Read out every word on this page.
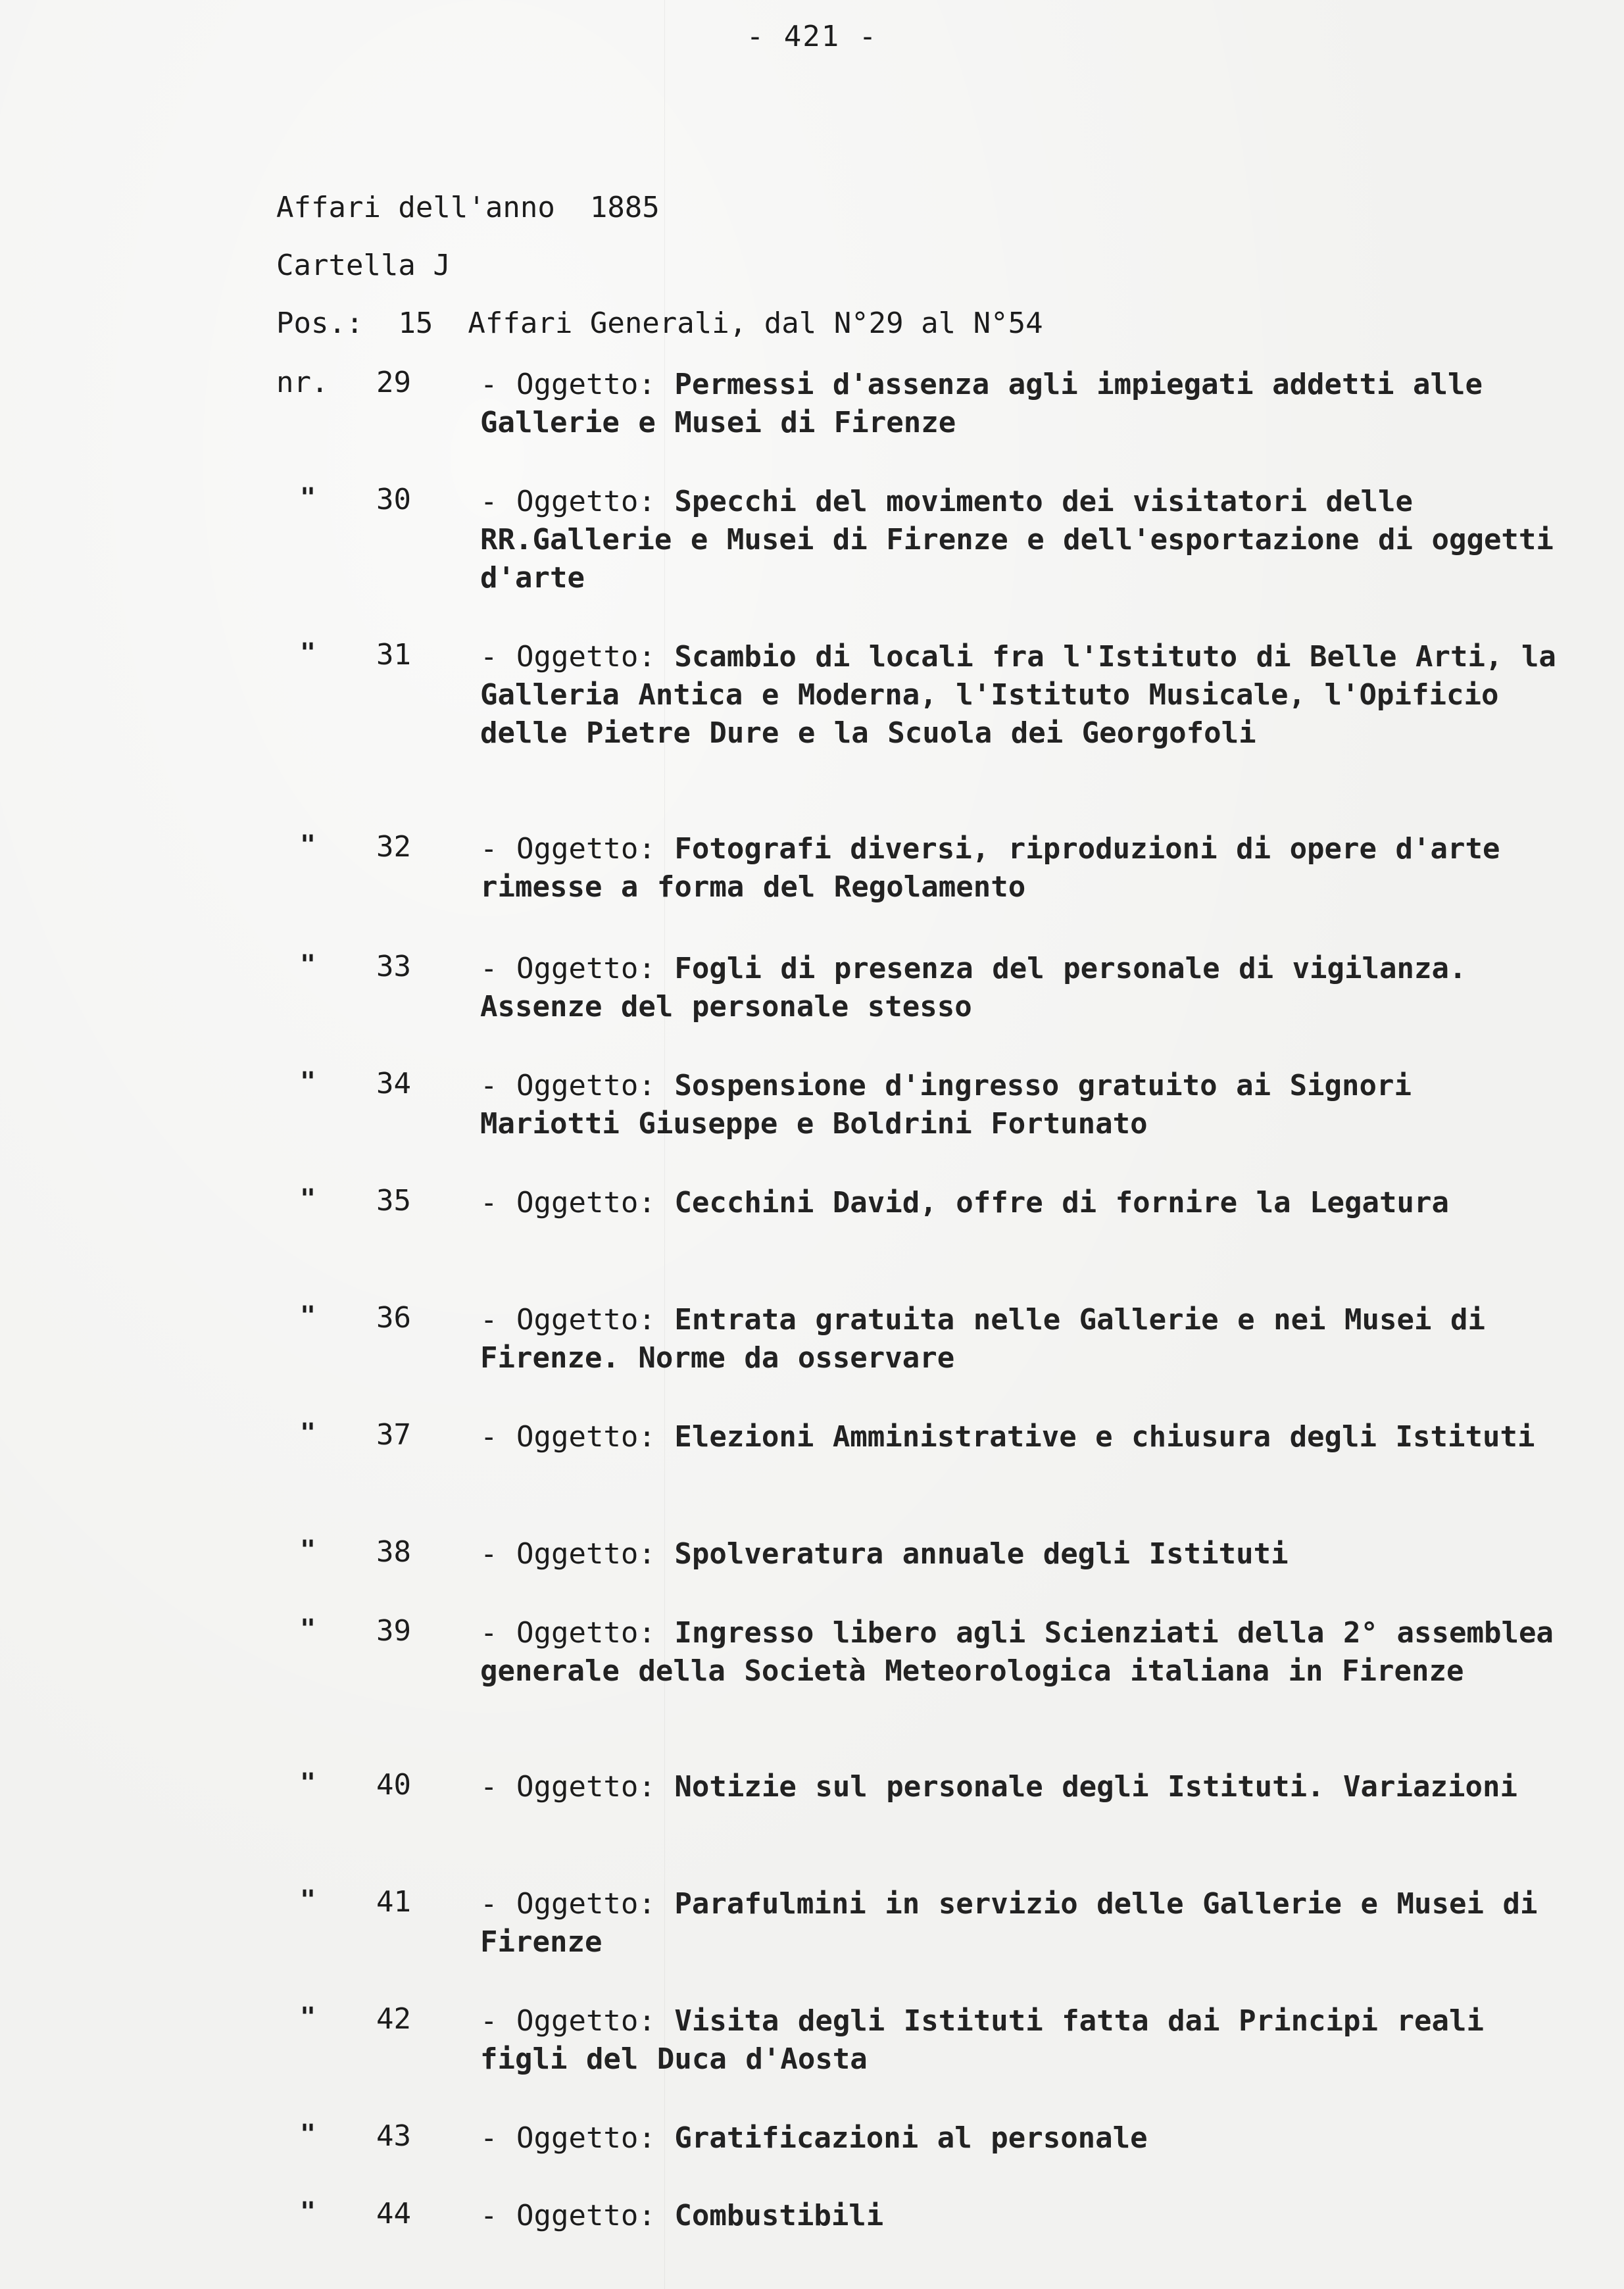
- 421 -
Affari dell'anno 1885
Cartella J
Pos.: 15 Affari Generali, dal N°29 al N°54
nr. 29 - Oggetto: Permessi d'assenza agli impiegati addetti alle Gallerie e Musei di Firenze
" 30 - Oggetto: Specchi del movimento dei visitatori delle RR.Gallerie e Musei di Firenze e dell'esportazione di oggetti d'arte
" 31 - Oggetto: Scambio di locali fra l'Istituto di Belle Arti, la Galleria Antica e Moderna, l'Istituto Musicale, l'Opificio delle Pietre Dure e la Scuola dei Georgofoli
" 32 - Oggetto: Fotografi diversi, riproduzioni di opere d'arte rimesse a forma del Regolamento
" 33 - Oggetto: Fogli di presenza del personale di vigilanza. Assenze del personale stesso
" 34 - Oggetto: Sospensione d'ingresso gratuito ai Signori Mariotti Giuseppe e Boldrini Fortunato
" 35 - Oggetto: Cecchini David, offre di fornire la Legatura
" 36 - Oggetto: Entrata gratuita nelle Gallerie e nei Musei di Firenze. Norme da osservare
" 37 - Oggetto: Elezioni Amministrative e chiusura degli Istituti
" 38 - Oggetto: Spolveratura annuale degli Istituti
" 39 - Oggetto: Ingresso libero agli Scienziati della 2° assemblea generale della Società Meteorologica italiana in Firenze
" 40 - Oggetto: Notizie sul personale degli Istituti. Variazioni
" 41 - Oggetto: Parafulmini in servizio delle Gallerie e Musei di Firenze
" 42 - Oggetto: Visita degli Istituti fatta dai Principi reali figli del Duca d'Aosta
" 43 - Oggetto: Gratificazioni al personale
" 44 - Oggetto: Combustibili
